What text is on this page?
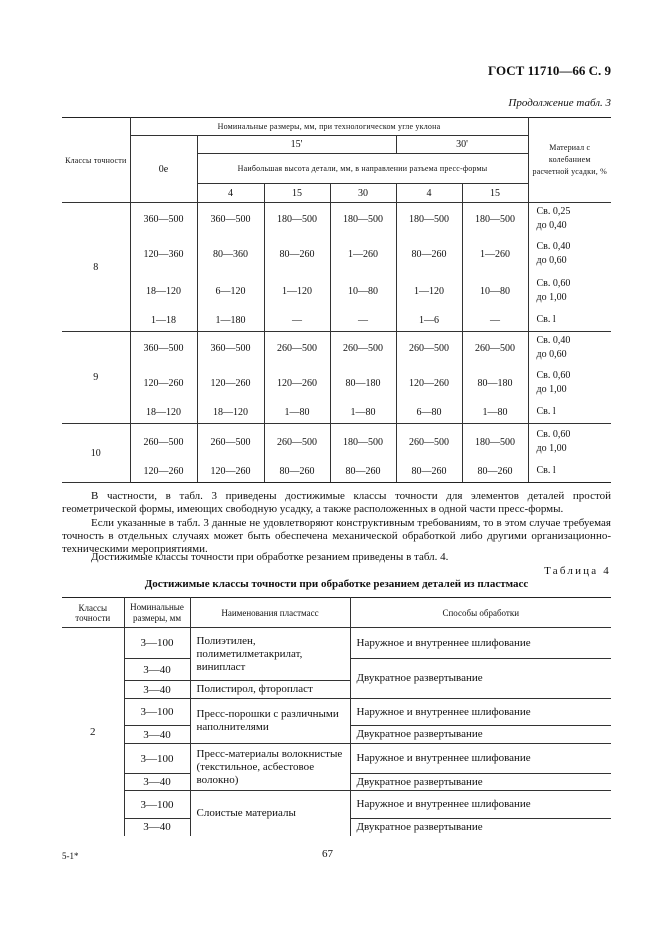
ГОСТ 11710—66 С. 9
Продолжение табл. 3
Классы точности	Номинальные размеры, мм, при технологическом угле уклона						Материал с колебанием расчетной усадки, %
	0е	15'			30'		
		Наибольшая высота детали, мм, в направлении разъема пресс-формы					
		4	15	30	4	15	
8	360—500	360—500	180—500	180—500	180—500	180—500	Св. 0,25
до 0,40

	120—360	80—360	80—260	1—260	80—260	1—260	Св. 0,40
до 0,60

	18—120	6—120	1—120	10—80	1—120	10—80	Св. 0,60
до 1,00

	1—18	1—180	—	—	1—6	—	Св. l

9	360—500	360—500	260—500	260—500	260—500	260—500	Св. 0,40
до 0,60

	120—260	120—260	120—260	80—180	120—260	80—180	Св. 0,60
до 1,00

	18—120	18—120	1—80	1—80	6—80	1—80	Св. l

10	260—500	260—500	260—500	180—500	260—500	180—500	Св. 0,60
до 1,00

	120—260	120—260	80—260	80—260	80—260	80—260	Св. l
В частности, в табл. 3 приведены достижимые классы точности для элементов деталей простой геометрической формы, имеющих свободную усадку, а также расположенных в одной части пресс-формы.
Если указанные в табл. 3 данные не удовлетворяют конструктивным требованиям, то в этом случае требуемая точность в отдельных случаях может быть обеспечена механической обработкой либо другими организационно-техническими мероприятиями.
Достижимые классы точности при обработке резанием приведены в табл. 4.
Таблица 4
Достижимые классы точности при обработке резанием деталей из пластмасс
Классы точности	Номинальные размеры, мм	Наименования пластмасс	Способы обработки
2	3—100	Полиэтилен, полиметилметакрилат, винипласт	Наружное и внутреннее шлифование
	3—40		Двукратное развертывание
	3—40	Полистирол, фторопласт	
	3—100	Пресс-порошки с различными наполнителями	Наружное и внутреннее шлифование
	3—40		Двукратное развертывание
	3—100	Пресс-материалы волокнистые (текстильное, асбестовое волокно)	Наружное и внутреннее шлифование
	3—40		Двукратное развертывание
	3—100	Слоистые материалы	Наружное и внутреннее шлифование
	3—40		Двукратное развертывание
5-1*	67
